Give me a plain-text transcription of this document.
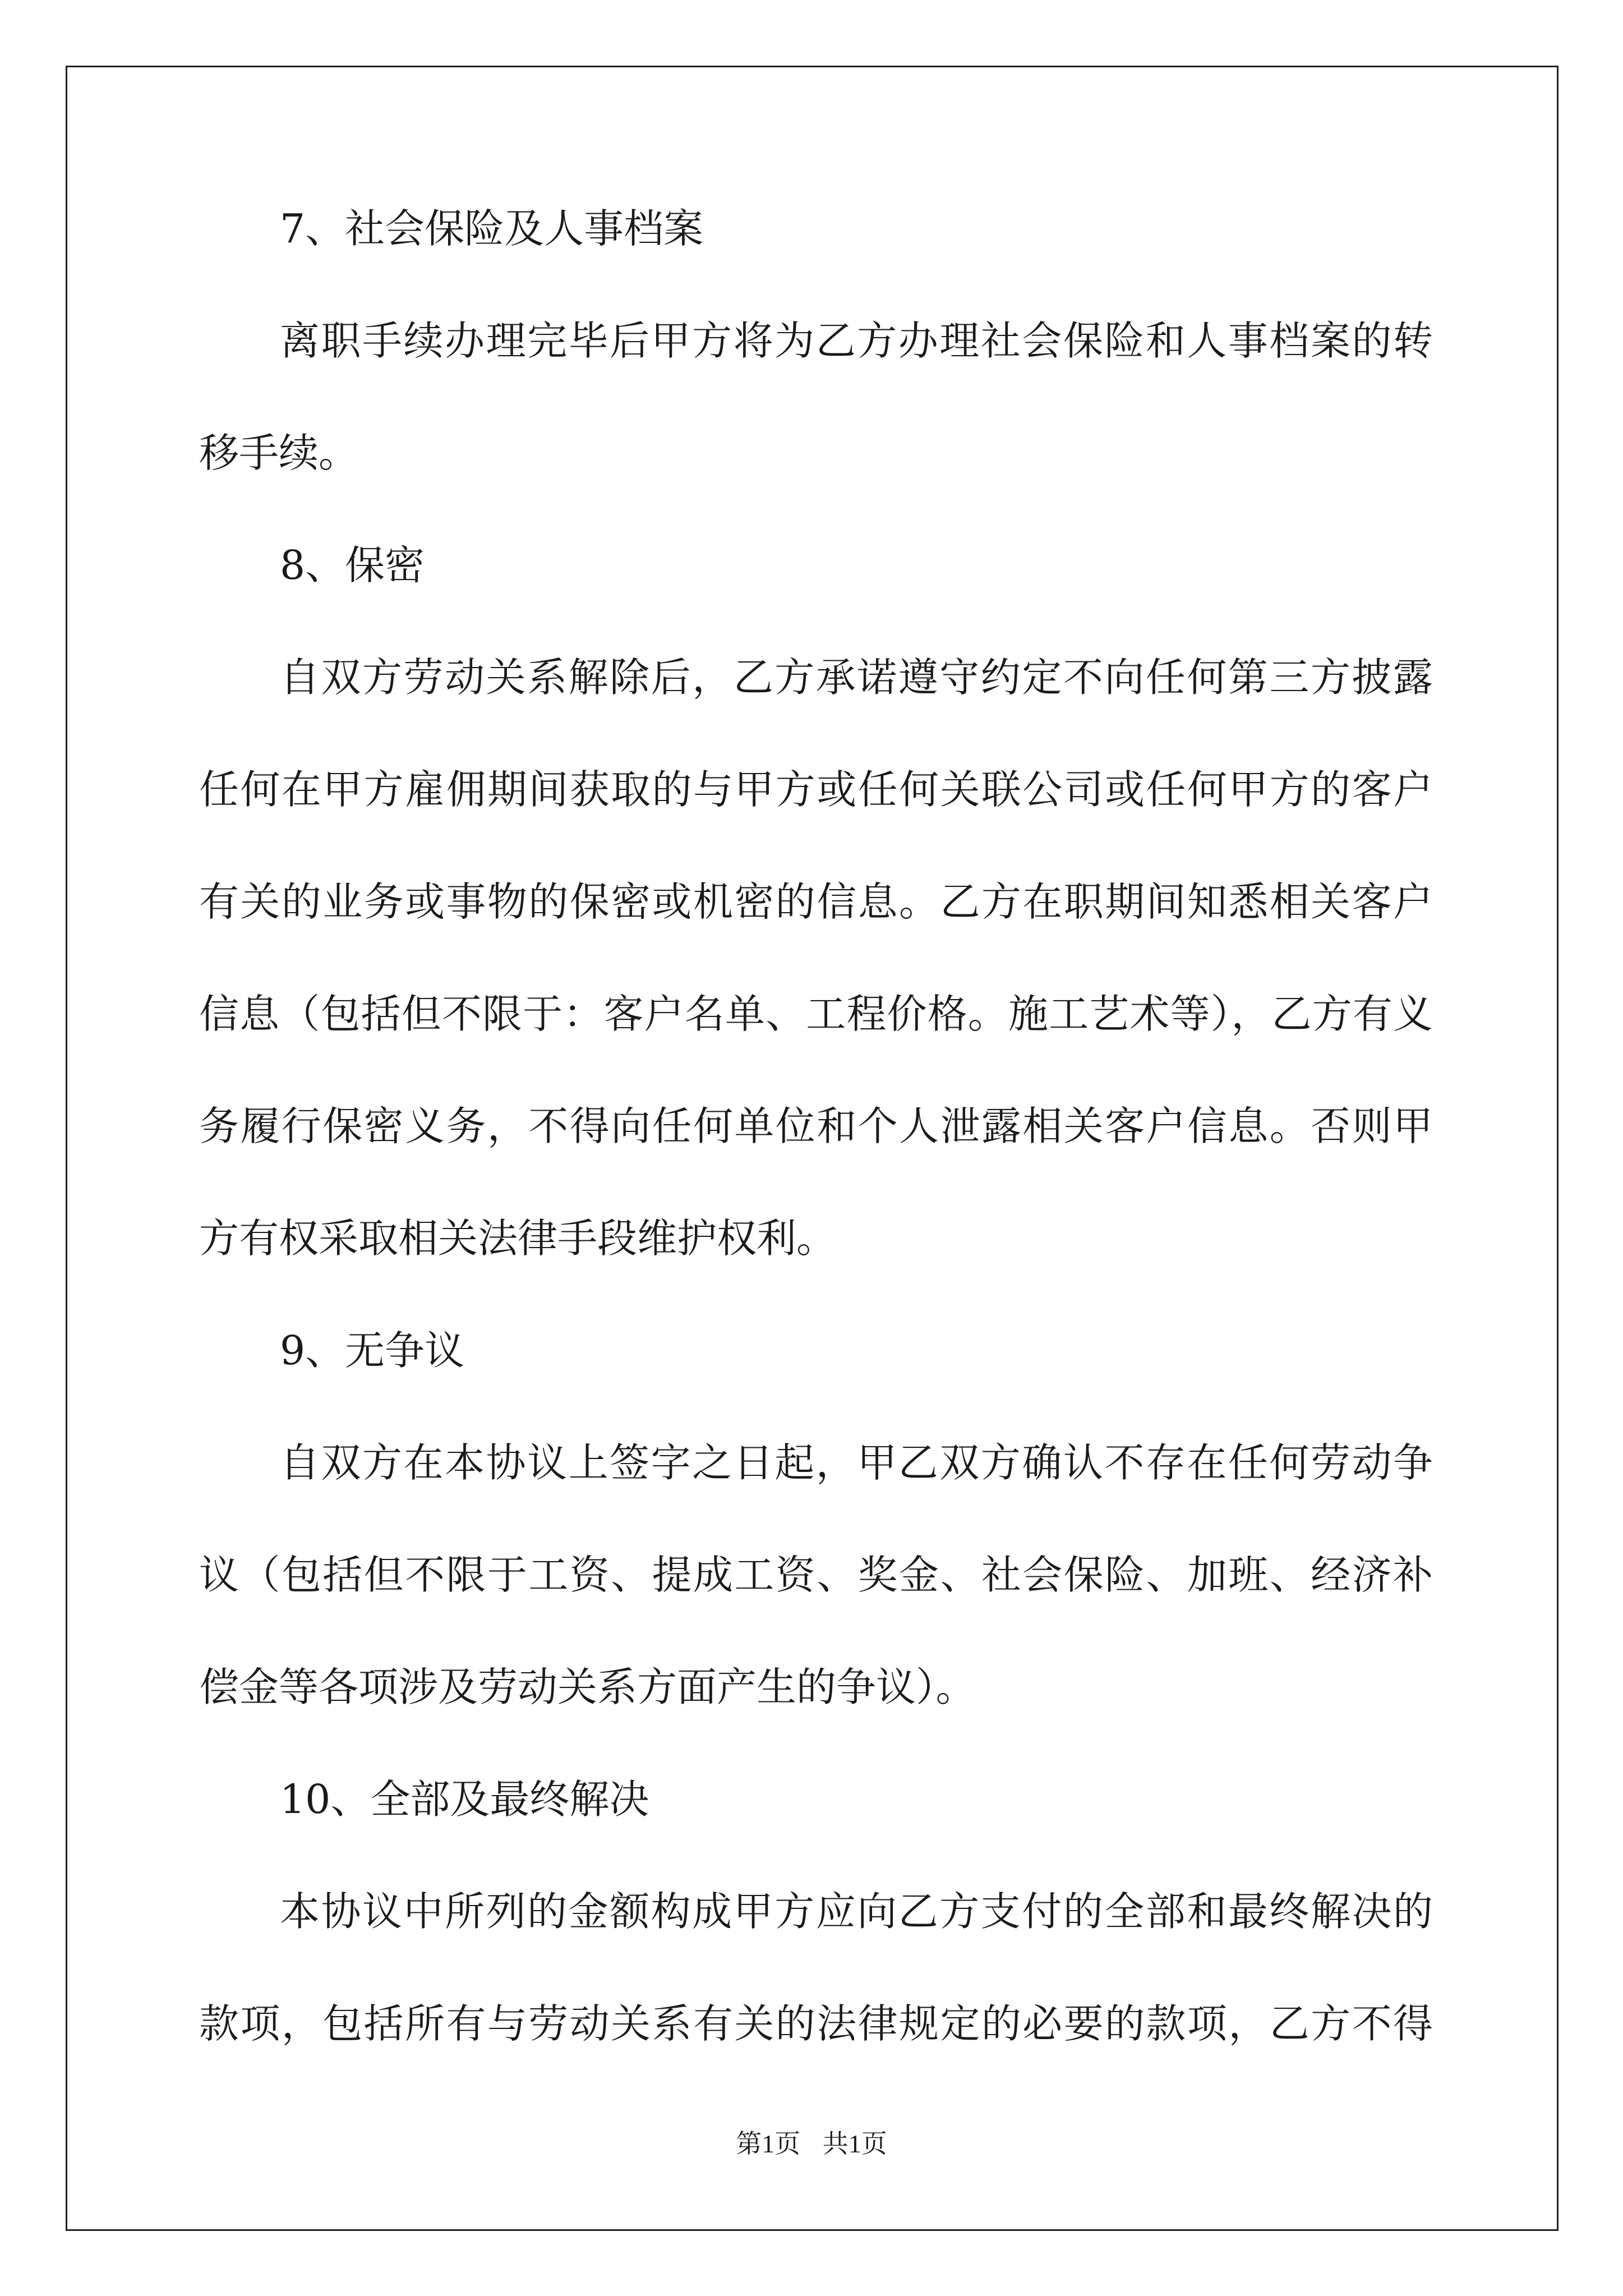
7、社会保险及人事档案
离职手续办理完毕后甲方将为乙方办理社会保险和人事档案的转
移手续。
8、保密
自双方劳动关系解除后，乙方承诺遵守约定不向任何第三方披露
任何在甲方雇佣期间获取的与甲方或任何关联公司或任何甲方的客户
有关的业务或事物的保密或机密的信息。乙方在职期间知悉相关客户
信息（包括但不限于：客户名单、工程价格。施工艺术等），乙方有义
务履行保密义务，不得向任何单位和个人泄露相关客户信息。否则甲
方有权采取相关法律手段维护权利。
9、无争议
自双方在本协议上签字之日起，甲乙双方确认不存在任何劳动争
议（包括但不限于工资、提成工资、奖金、社会保险、加班、经济补
偿金等各项涉及劳动关系方面产生的争议）。
10、全部及最终解决
本协议中所列的金额构成甲方应向乙方支付的全部和最终解决的
款项，包括所有与劳动关系有关的法律规定的必要的款项，乙方不得
第1页 共1页
